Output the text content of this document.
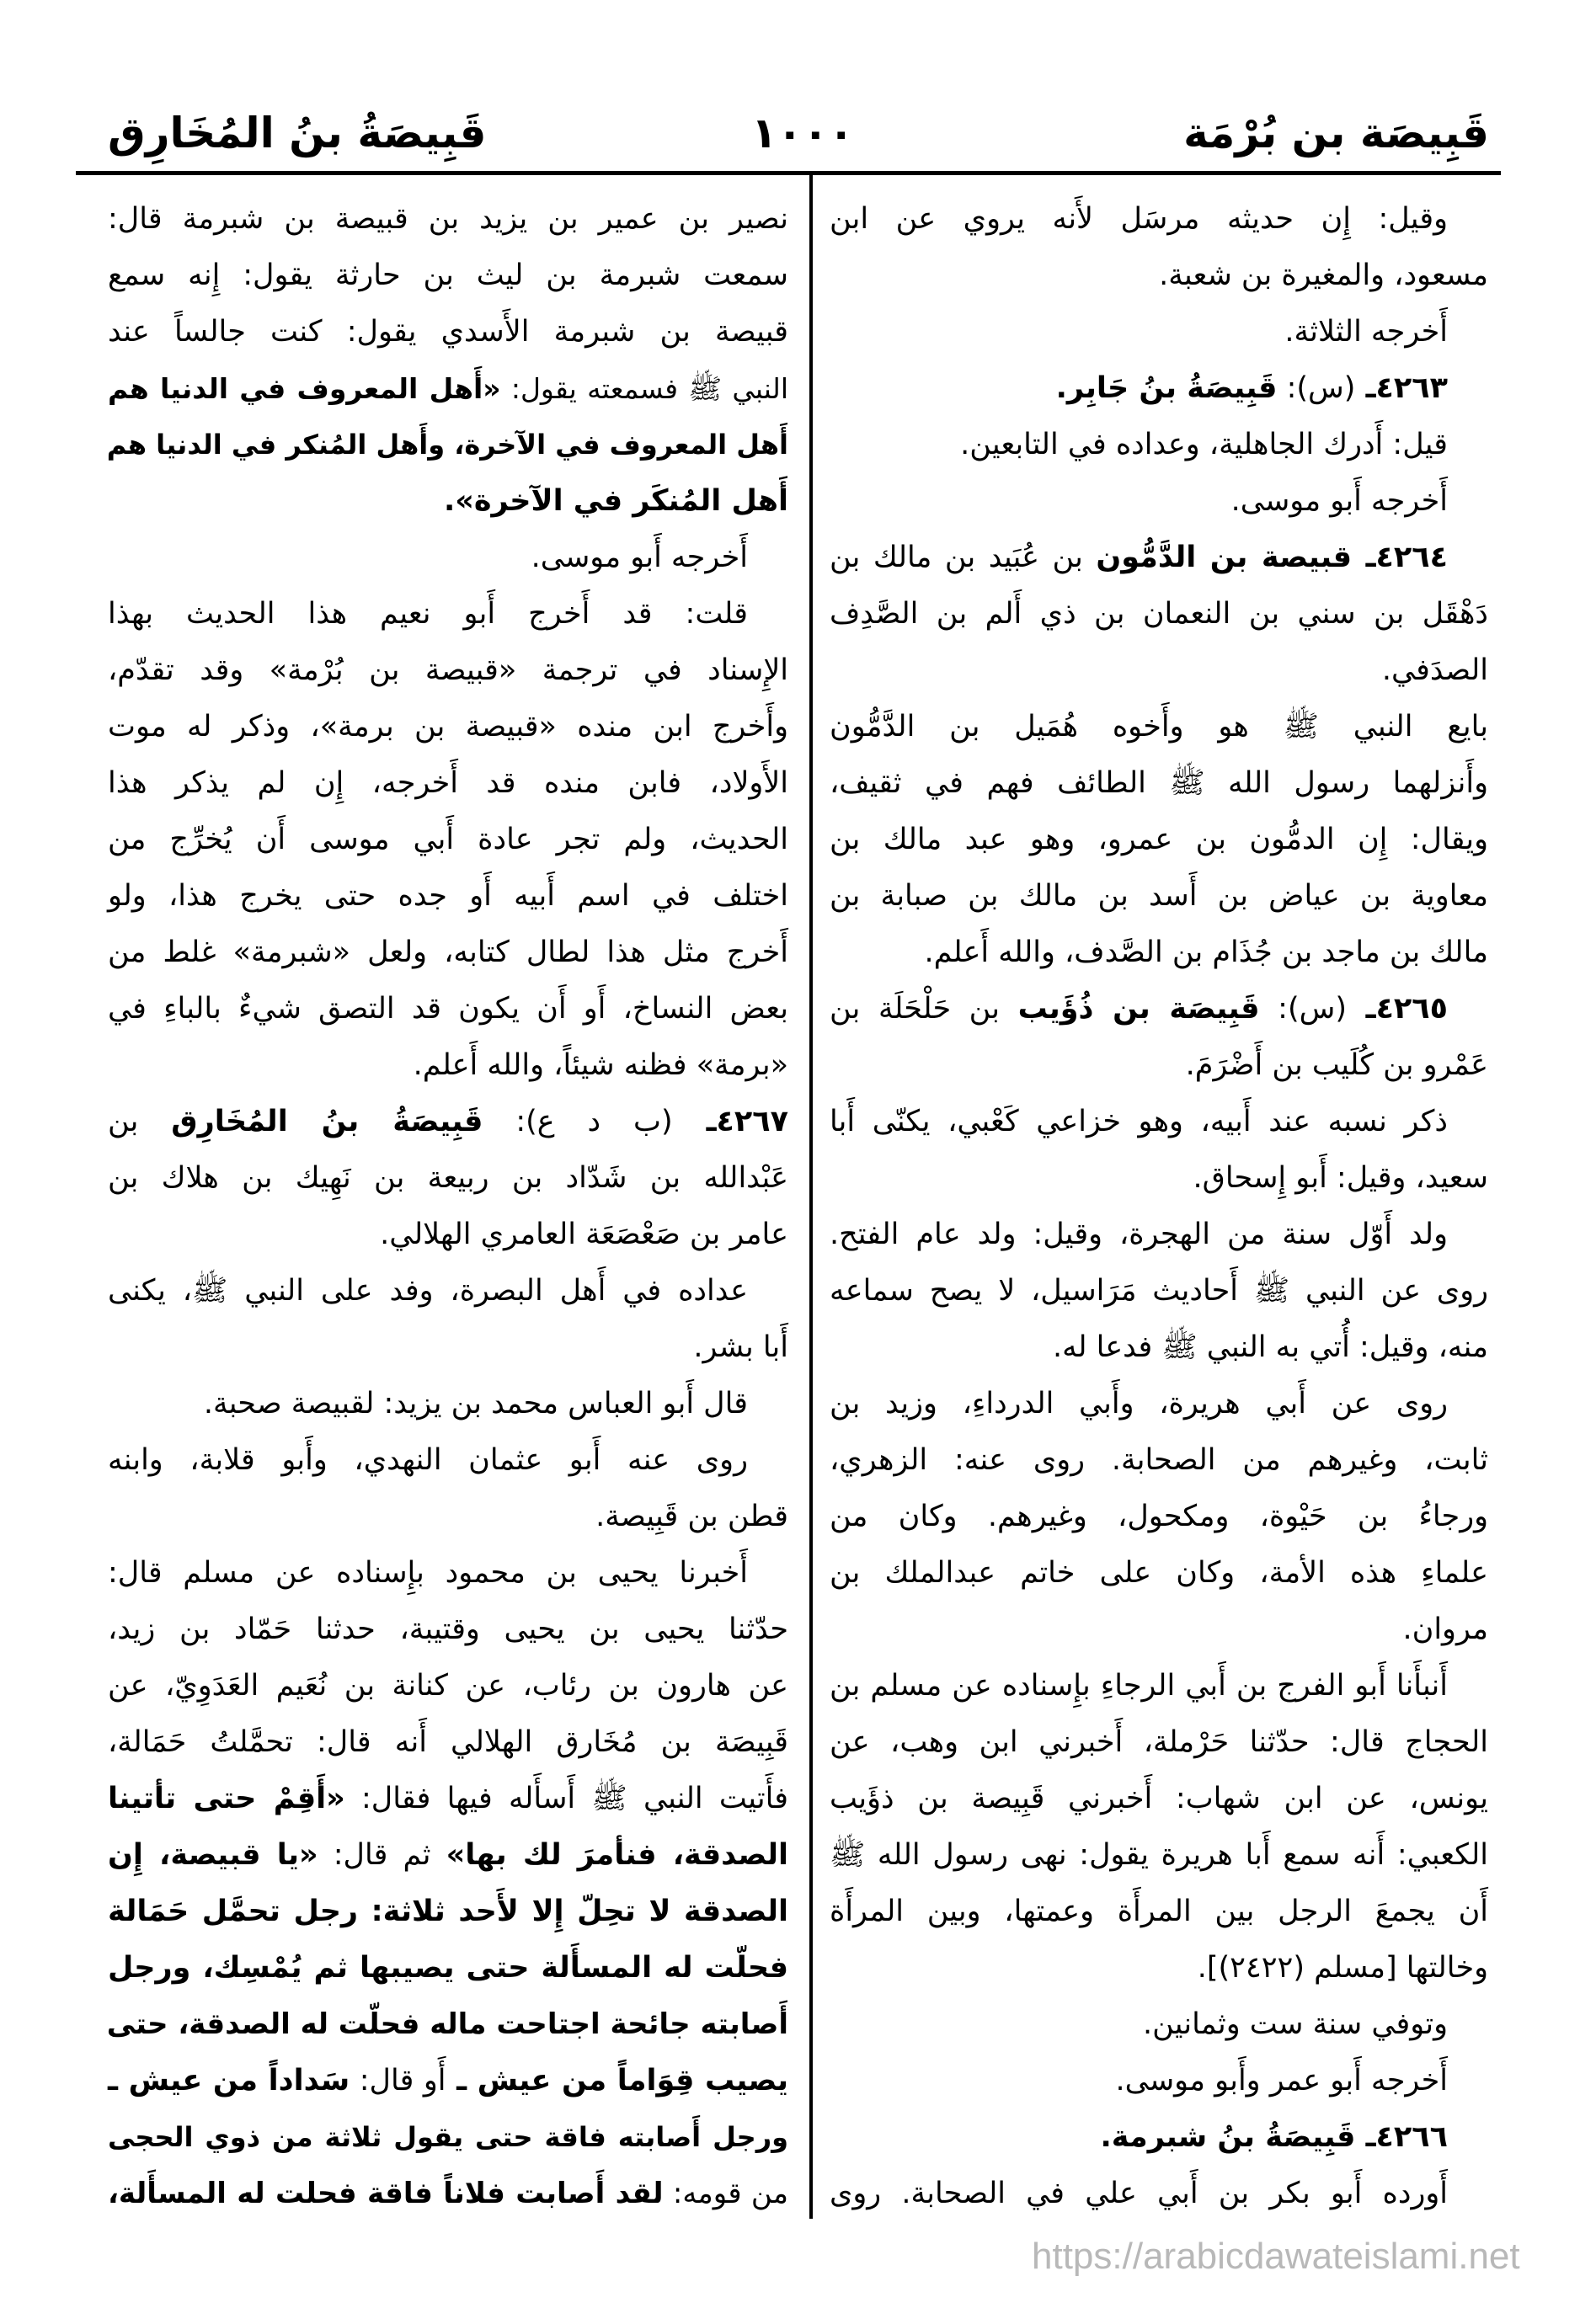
قَبِيصَة بن بُرْمَة
١٠٠٠
قَبِيصَةُ بنُ المُخَارِق
وقيل: إِن حديثه مرسَل لأَنه يروي عن ابن
مسعود، والمغيرة بن شعبة.
أَخرجه الثلاثة.
٤٢٦٣ـ (س): قَبِيصَةُ بنُ جَابِر.
قيل: أَدرك الجاهلية، وعداده في التابعين.
أَخرجه أَبو موسى.
٤٢٦٤ـ قبيصة بن الدَّمُّون بن عُبَيد بن مالك بن
دَهْقَل بن سني بن النعمان بن ذي أَلم بن الصَّدِف
الصدَفي.
بايع النبي ﷺ هو وأَخوه هُمَيل بن الدَّمُّون
وأَنزلهما رسول الله ﷺ الطائف فهم في ثقيف،
ويقال: إِن الدمُّون بن عمرو، وهو عبد مالك بن
معاوية بن عياض بن أَسد بن مالك بن صبابة بن
مالك بن ماجد بن جُذَام بن الصَّدف، والله أَعلم.
٤٢٦٥ـ (س): قَبِيصَة بن ذُؤَيب بن حَلْحَلَة بن
عَمْرو بن كُلَيب بن أَضْرَمَ.
ذكر نسبه عند أَبيه، وهو خزاعي كَعْبي، يكنّى أَبا
سعيد، وقيل: أَبو إِسحاق.
ولد أَوّل سنة من الهجرة، وقيل: ولد عام الفتح.
روى عن النبي ﷺ أَحاديث مَرَاسيل، لا يصح سماعه
منه، وقيل: أُتي به النبي ﷺ فدعا له.
روى عن أَبي هريرة، وأَبي الدرداءِ، وزيد بن
ثابت، وغيرهم من الصحابة. روى عنه: الزهري،
ورجاءُ بن حَيْوة، ومكحول، وغيرهم. وكان من
علماءِ هذه الأمة، وكان على خاتم عبدالملك بن
مروان.
أَنبأَنا أَبو الفرج بن أَبي الرجاءِ بإِسناده عن مسلم بن
الحجاج قال: حدّثنا حَرْملة، أَخبرني ابن وهب، عن
يونس، عن ابن شهاب: أَخبرني قَبِيصة بن ذؤَيب
الكعبي: أَنه سمع أَبا هريرة يقول: نهى رسول الله ﷺ
أَن يجمعَ الرجل بين المرأَة وعمتها، وبين المرأَة
وخالتها [مسلم (٢٤٢٢)].
وتوفي سنة ست وثمانين.
أَخرجه أَبو عمر وأَبو موسى.
٤٢٦٦ـ قَبِيصَةُ بنُ شبرمة.
أَورده أَبو بكر بن أَبي علي في الصحابة. روى
نصير بن عمير بن يزيد بن قبيصة بن شبرمة قال:
سمعت شبرمة بن ليث بن حارثة يقول: إِنه سمع
قبيصة بن شبرمة الأَسدي يقول: كنت جالساً عند
النبي ﷺ فسمعته يقول: «أَهل المعروف في الدنيا هم
أَهل المعروف في الآخرة، وأَهل المُنكر في الدنيا هم
أَهل المُنكَر في الآخرة».
أَخرجه أَبو موسى.
قلت: قد أَخرج أَبو نعيم هذا الحديث بهذا
الإِسناد في ترجمة «قبيصة بن بُرْمة» وقد تقدّم،
وأَخرج ابن منده «قبيصة بن برمة»، وذكر له موت
الأَولاد، فابن منده قد أَخرجه، إِن لم يذكر هذا
الحديث، ولم تجر عادة أَبي موسى أَن يُخرِّج من
اختلف في اسم أَبيه أَو جده حتى يخرج هذا، ولو
أَخرج مثل هذا لطال كتابه، ولعل «شبرمة» غلط من
بعض النساخ، أَو أَن يكون قد التصق شيءٌ بالباءِ في
«برمة» فظنه شيئاً، والله أَعلم.
٤٢٦٧ـ (ب د ع): قَبِيصَةُ بنُ المُخَارِق بن
عَبْدالله بن شَدّاد بن ربيعة بن نَهِيك بن هلاك بن
عامر بن صَعْصَعَة العامري الهلالي.
عداده في أَهل البصرة، وفد على النبي ﷺ، يكنى
أَبا بشر.
قال أَبو العباس محمد بن يزيد: لقبيصة صحبة.
روى عنه أَبو عثمان النهدي، وأَبو قلابة، وابنه
قطن بن قَبِيصة.
أَخبرنا يحيى بن محمود بإِسناده عن مسلم قال:
حدّثنا يحيى بن يحيى وقتيبة، حدثنا حَمّاد بن زيد،
عن هارون بن رئاب، عن كنانة بن نُعَيم العَدَوِيّ، عن
قَبِيصَة بن مُخَارق الهلالي أَنه قال: تحمَّلتُ حَمَالة،
فأَتيت النبي ﷺ أَسأَله فيها فقال: «أَقِمْ حتى تأتينا
الصدقة، فنأمرَ لك بها» ثم قال: «يا قبيصة، إِن
الصدقة لا تحِلّ إِلا لأَحد ثلاثة: رجل تحمَّل حَمَالة
فحلّت له المسأَلة حتى يصيبها ثم يُمْسِك، ورجل
أَصابته جائحة اجتاحت ماله فحلّت له الصدقة، حتى
يصيب قِوَاماً من عيش ـ أَو قال: سَداداً من عيش ـ
ورجل أَصابته فاقة حتى يقول ثلاثة من ذوي الحجى
من قومه: لقد أَصابت فلاناً فاقة فحلت له المسأَلة،
https://arabicdawateislami.net
